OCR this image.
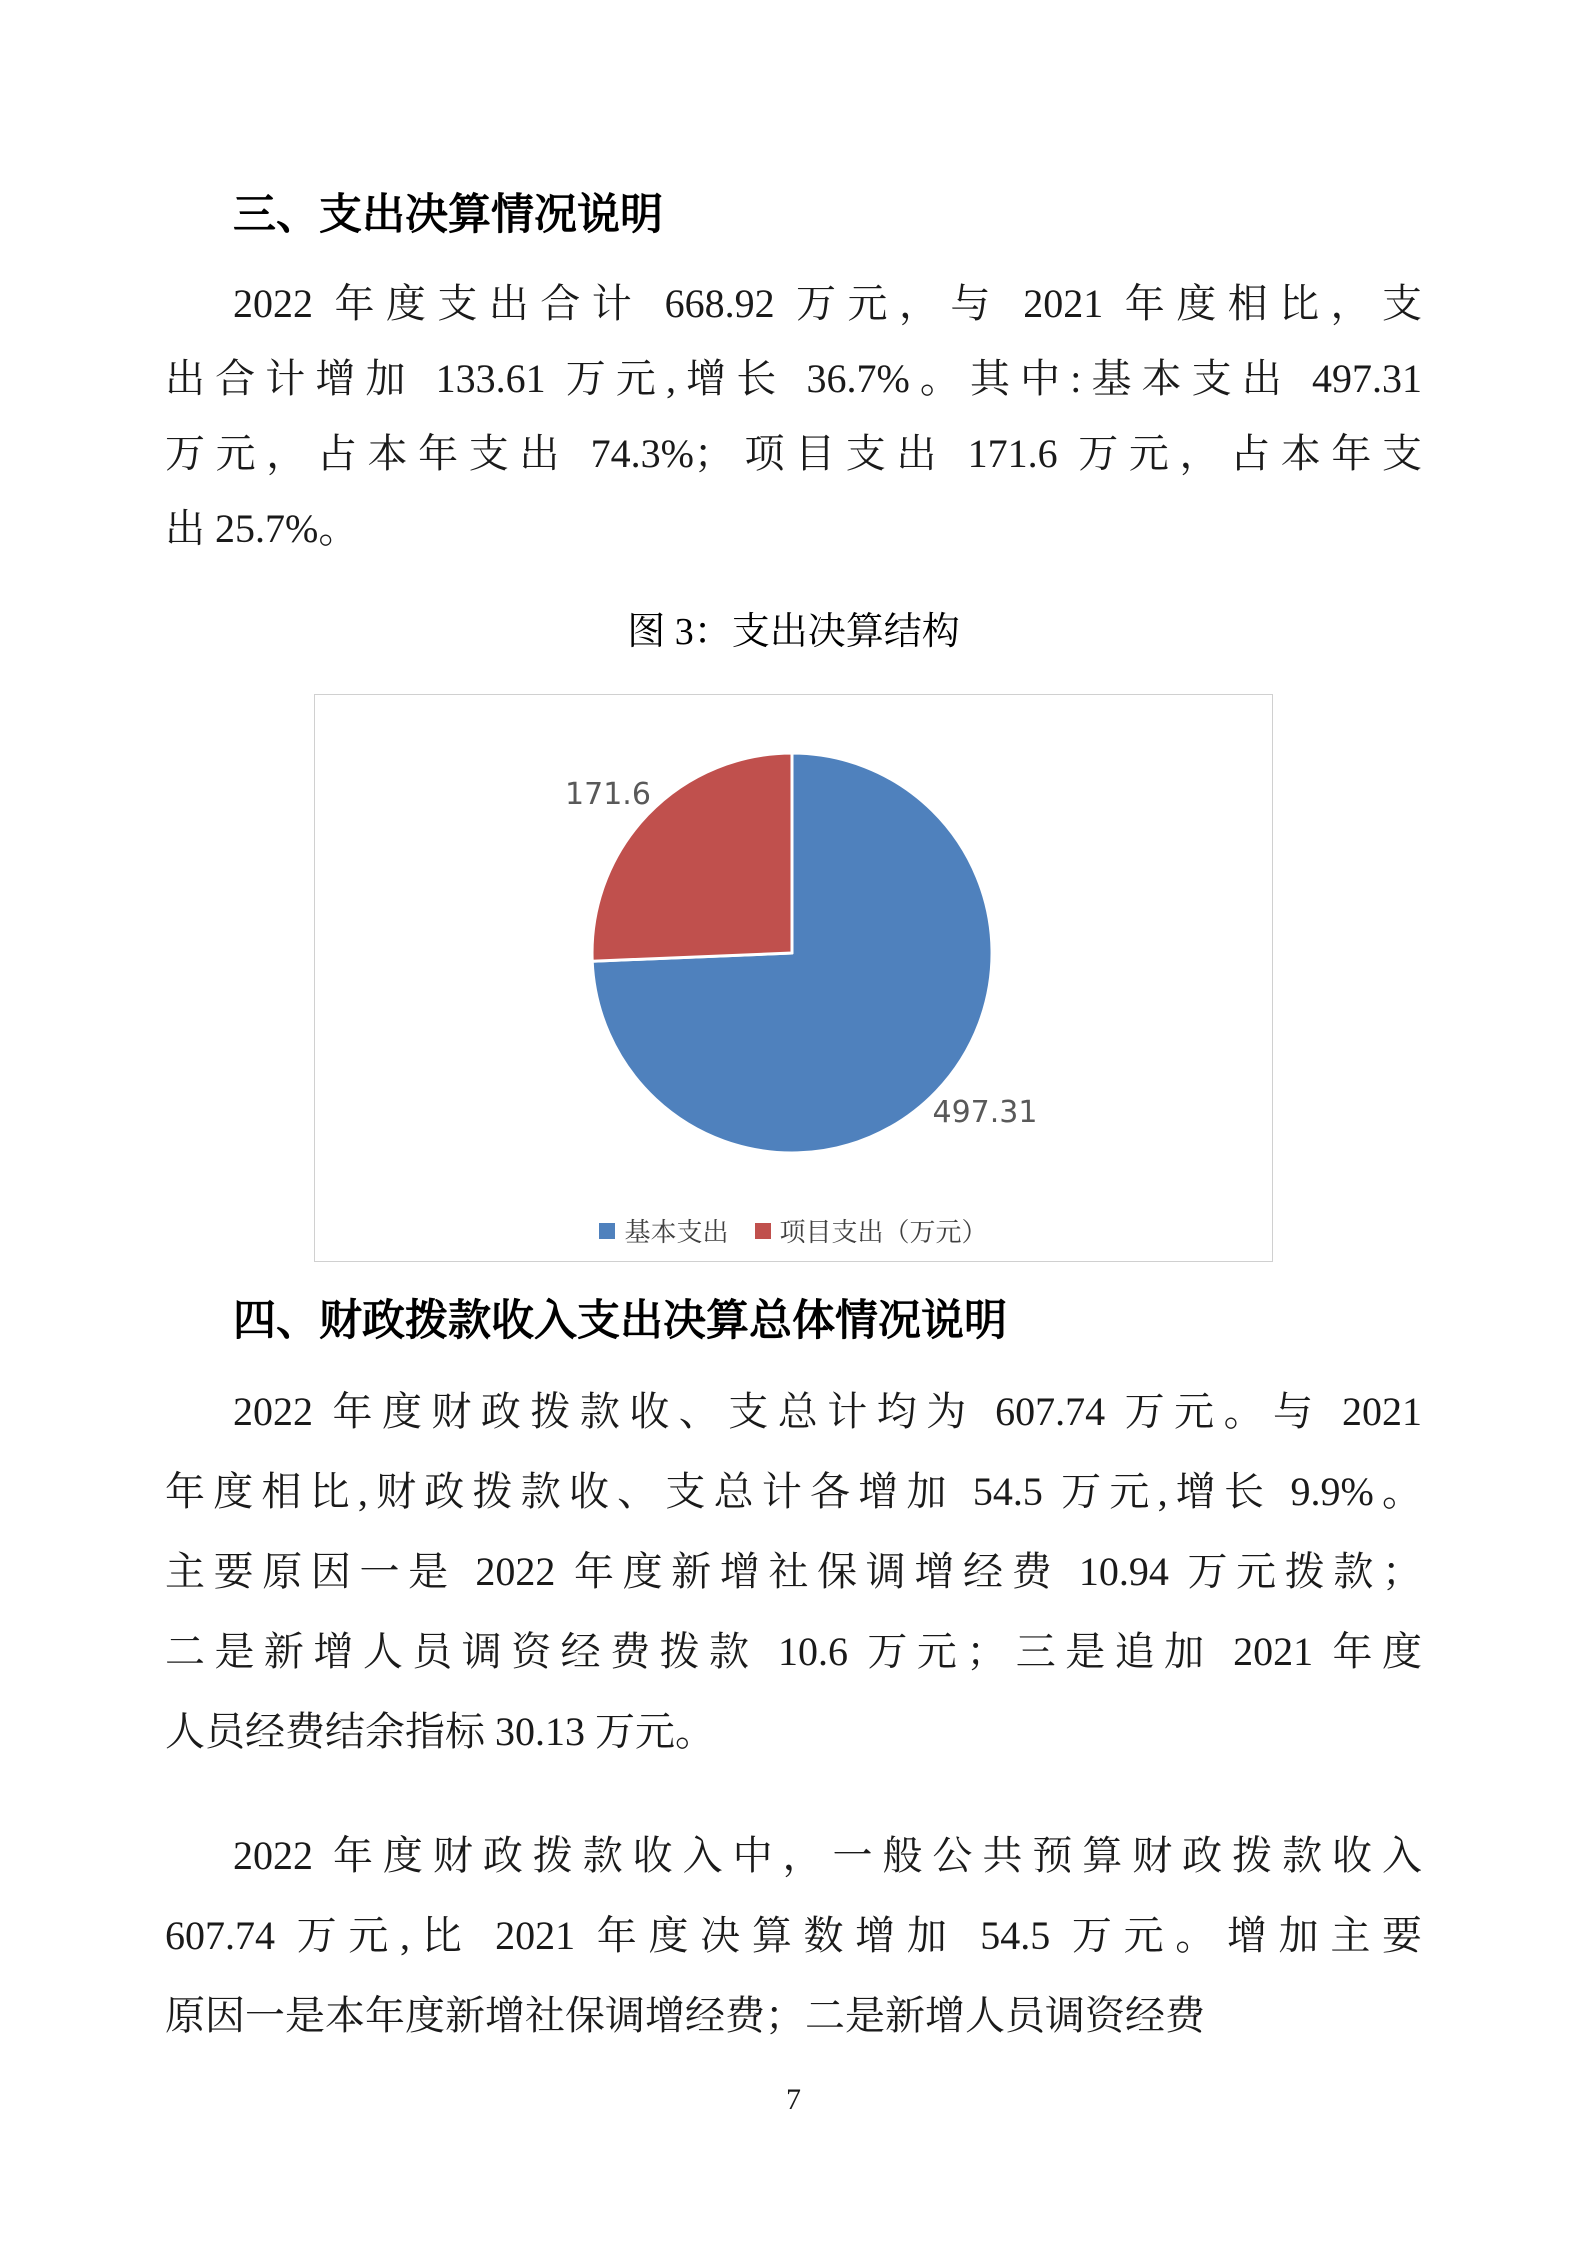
三、支出决算情况说明
2022 年度支出合计 668.92 万元，与 2021 年度相比，支
出合计增加 133.61 万元,增长 36.7%。其中:基本支出 497.31
万元，占本年支出 74.3%；项目支出 171.6 万元，占本年支
出 25.7%。
图 3：支出决算结构
171.6
497.31
基本支出 项目支出（万元）
四、财政拨款收入支出决算总体情况说明
2022 年度财政拨款收、支总计均为 607.74 万元。与 2021
年度相比,财政拨款收、支总计各增加 54.5 万元,增长 9.9%。
主要原因一是 2022 年度新增社保调增经费 10.94 万元拨款；
二是新增人员调资经费拨款 10.6 万元；三是追加 2021 年度
人员经费结余指标 30.13 万元。
2022 年度财政拨款收入中，一般公共预算财政拨款收入
607.74 万元,比 2021 年度决算数增加 54.5 万元。增加主要
原因一是本年度新增社保调增经费；二是新增人员调资经费
7
